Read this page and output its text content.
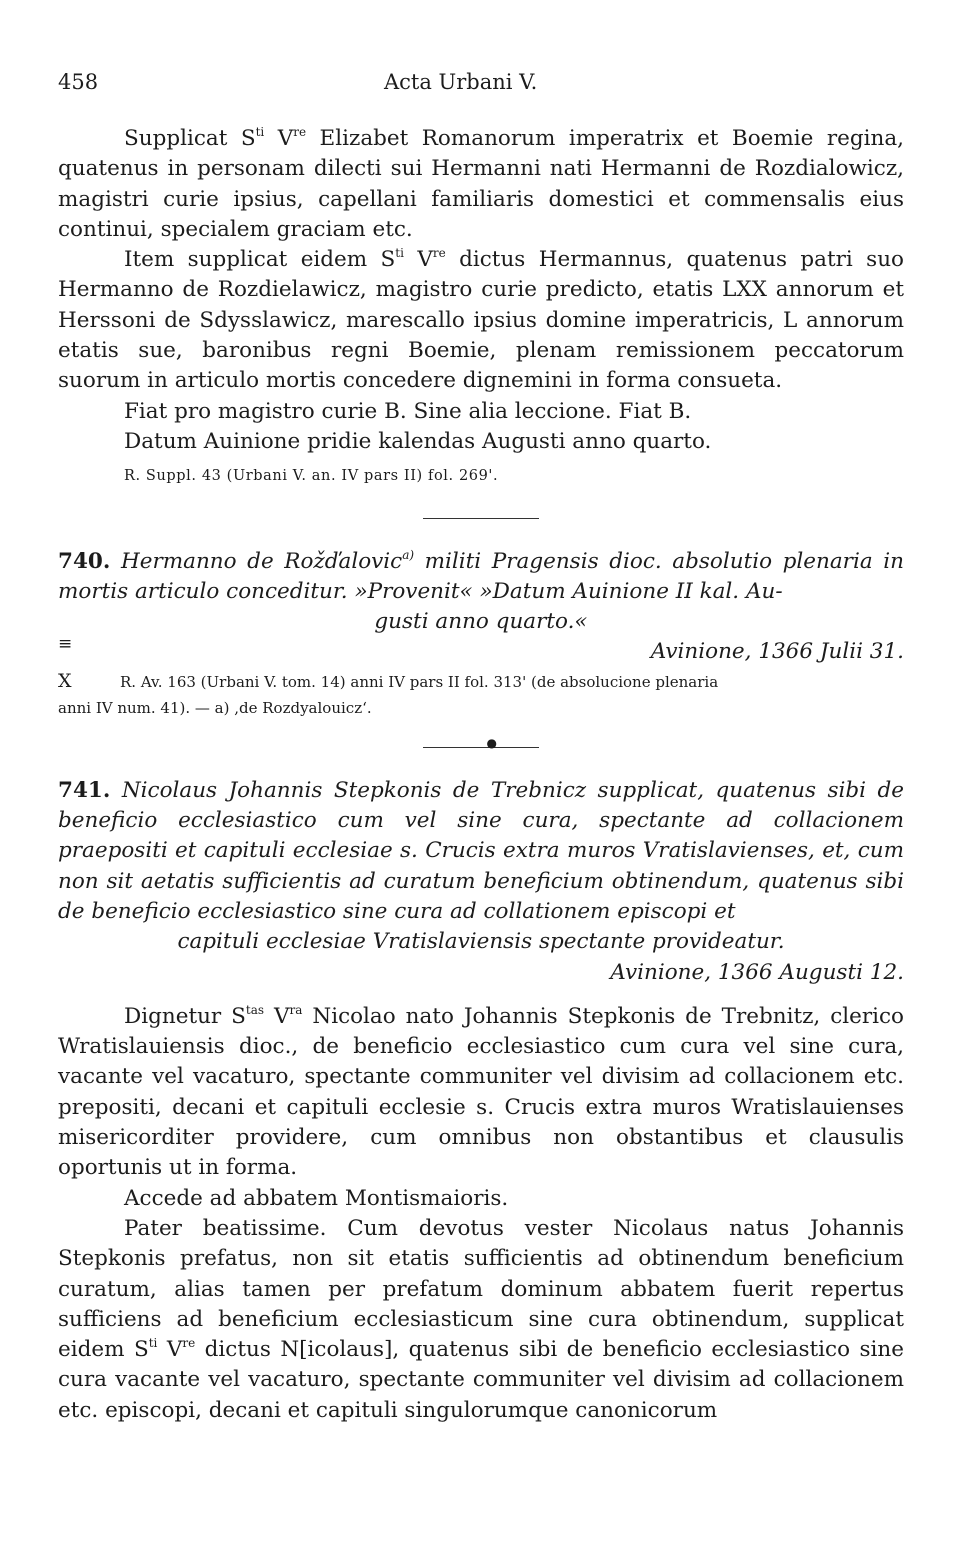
458	Acta Urbani V.

Supplicat $S^{ti}$ Vre Elizabet Romanorum imperatrix et Boemie regina, quatenus in personam dilecti sui Hermanni nati Hermanni de Rozdialowicz, magistri curie ipsius, capellani familiaris domestici et commensalis eius continui, specialem graciam etc.

Item supplicat eidem $S^{ti}$ Vre dictus Hermannus, quatenus patri suo Hermanno de Rozdielawicz, magistro curie predicto, etatis LXX annorum et Herssoni de Sdysslawicz, marescallo ipsius domine imperatricis, L annorum etatis sue, baronibus regni Boemie, plenam remissionem peccatorum suorum in articulo mortis concedere dignemini in forma consueta.

Fiat pro magistro curie B. Sine alia leccione. Fiat B.

Datum Auinione pridie kalendas Augusti anno quarto.

R. Suppl. 43 (Urbani V. an. IV pars II) fol. 269'.

740. Hermanno de Rožďalovic$^{a)}$ militi Pragensis dioc. absolutio plenaria in mortis articulo conceditur. »Provenit« »Datum Auinione II kal. Au-

gusti anno quarto.«

≡	Avinione, 1366 Julii 31.

X	R. Av. 163 (Urbani V. tom. 14) anni IV pars II fol. 313' (de absolucione plenaria

anni IV num. 41). — a) ,de Rozdyalouicz‘.

●

741. Nicolaus Johannis Stepkonis de Trebnicz supplicat, quatenus sibi de beneficio ecclesiastico cum vel sine cura, spectante ad collacionem praepositi et capituli ecclesiae s. Crucis extra muros Vratislavienses, et, cum non sit aetatis sufficientis ad curatum beneficium obtinendum, quatenus sibi de beneficio ecclesiastico sine cura ad collationem episcopi et

capituli ecclesiae Vratislaviensis spectante provideatur.

Avinione, 1366 Augusti 12.

Dignetur $S^{tas}$ $V^{ra}$ Nicolao nato Johannis Stepkonis de Trebnitz, clerico Wratislauiensis dioc., de beneficio ecclesiastico cum cura vel sine cura, vacante vel vacaturo, spectante communiter vel divisim ad collacionem etc. prepositi, decani et capituli ecclesie s. Crucis extra muros Wratislauienses misericorditer providere, cum omnibus non obstantibus et clausulis oportunis ut in forma.

Accede ad abbatem Montismaioris.

Pater beatissime. Cum devotus vester Nicolaus natus Johannis Stepkonis prefatus, non sit etatis sufficientis ad obtinendum beneficium curatum, alias tamen per prefatum dominum abbatem fuerit repertus sufficiens ad beneficium ecclesiasticum sine cura obtinendum, supplicat eidem $S^{ti}$ Vre dictus N[icolaus], quatenus sibi de beneficio ecclesiastico sine cura vacante vel vacaturo, spectante communiter vel divisim ad collacionem etc. episcopi, decani et capituli singulorumque canonicorum
